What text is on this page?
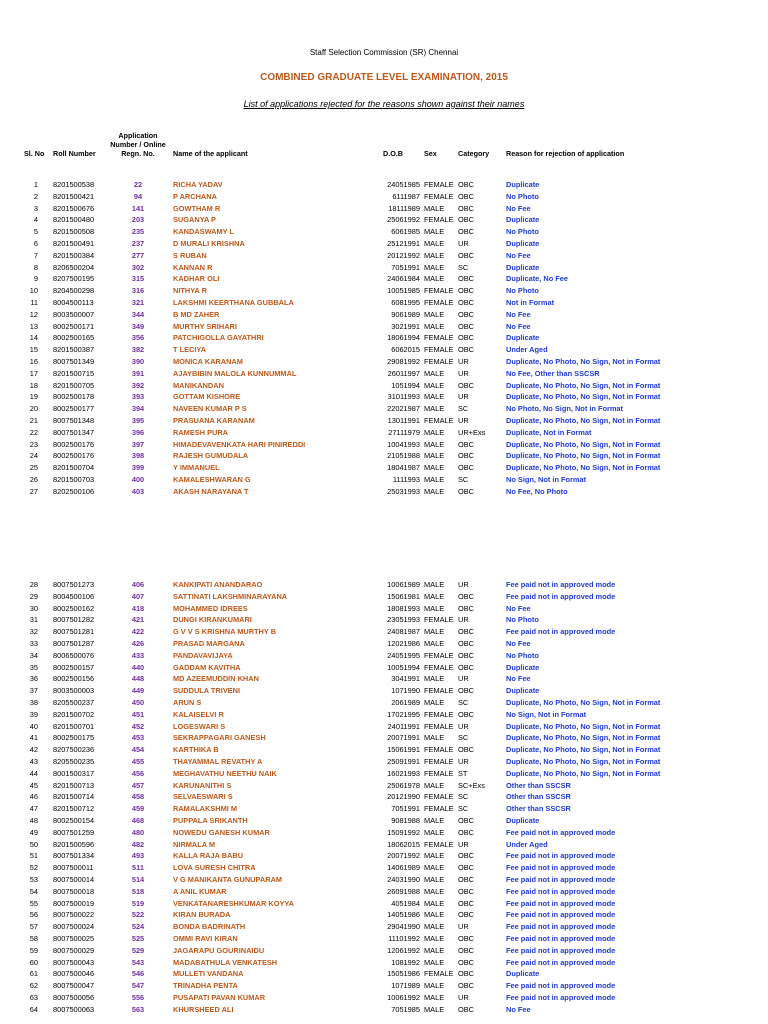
Staff Selection Commission (SR) Chennai
COMBINED GRADUATE LEVEL EXAMINATION, 2015
List of applications rejected for the reasons shown against their names
Sl. No Roll Number
Application Number / Online Regn. No.	Name of the applicant	D.O.B	Sex	Category Reason for rejection of application
1 8201500538	22	RICHA YADAV	24051985 FEMALE OBC	Duplicate
2 8201500421	94	P ARCHANA	6111987 FEMALE OBC	No Photo
3 8201500676	141	GOWTHAM R	18111989 MALE OBC	No Fee
4 8201500480	203	SUGANYA P	25061992 FEMALE OBC	Duplicate
5 8201500508	235	KANDASWAMY L	6061985 MALE OBC	No Photo
6 8201500491	237	D MURALI KRISHNA	25121991 MALE UR	Duplicate
7 8201500384	277	S RUBAN	20121992 MALE OBC	No Fee
8 8206500204	302	KANNAN R	7051991 MALE SC	Duplicate
9 8207500195	315	KADHAR OLI	24061984 MALE OBC	Duplicate, No Fee
10 8204500298	316	NITHYA R	10051985 FEMALE OBC	No Photo
11 8004500113	321	LAKSHMI KEERTHANA GUBBALA	6081995 FEMALE OBC	Not in Format
12 8003500007	344	B MD ZAHER	9061989 MALE OBC	No Fee
13 8002500171	349	MURTHY SRIHARI	3021991 MALE OBC	No Fee
14 8002500165	356	PATCHIGOLLA GAYATHRI	18061994 FEMALE OBC	Duplicate
15 8201500387	382	T LECIYA	6062015 FEMALE OBC	Under Aged
16 8007501349	390	MONICA KARANAM	29081992 FEMALE UR	Duplicate, No Photo, No Sign, Not in Format
17 8201500715	391	AJAYBIBIN MALOLA KUNNUMMAL	26011997 MALE UR	No Fee, Other than SSCSR
18 8201500705	392	MANIKANDAN	1051994 MALE OBC	Duplicate, No Photo, No Sign, Not in Format
19 8002500178	393	GOTTAM KISHORE	31011993 MALE UR	Duplicate, No Photo, No Sign, Not in Format
20 8002500177	394	NAVEEN KUMAR P S	22021987 MALE SC	No Photo, No Sign, Not in Format
21 8007501348	395	PRASUANA KARANAM	13011991 FEMALE UR	Duplicate, No Photo, No Sign, Not in Format
22 8007501347	396	RAMESH PURA	27111979 MALE UR+Exs	Duplicate, Not in Format
23 8002500176	397	HIMADEVAVENKATA HARI PINIREDDI	10041993 MALE OBC	Duplicate, No Photo, No Sign, Not in Format
24 8002500176	398	RAJESH GUMUDALA	21051988 MALE OBC	Duplicate, No Photo, No Sign, Not in Format
25 8201500704	399	Y IMMANUEL	18041987 MALE OBC	Duplicate, No Photo, No Sign, Not in Format
26 8201500703	400	KAMALESHWARAN G	1111993 MALE SC	No Sign, Not in Format
27 8202500106	403	AKASH NARAYANA T	25031993 MALE OBC	No Fee, No Photo
28 8007501273	406	KANKIPATI ANANDARAO	10061989 MALE UR	Fee paid not in approved mode
29 8004500106	407	SATTINATI LAKSHMINARAYANA	15061981 MALE OBC	Fee paid not in approved mode
30 8002500162	418	MOHAMMED IDREES	18081993 MALE OBC	No Fee
31 8007501282	421	DUNGI KIRANKUMARI	23051993 FEMALE UR	No Photo
32 8007501281	422	G V V S KRISHNA MURTHY B	24081987 MALE OBC	Fee paid not in approved mode
33 8007501287	426	PRASAD MARGANA	12021986 MALE OBC	No Fee
34 8006500076	433	PANDAVAVIJAYA	24051995 FEMALE OBC	No Photo
35 8002500157	440	GADDAM KAVITHA	10051994 FEMALE OBC	Duplicate
36 8002500156	448	MD AZEEMUDDIN KHAN	3041991 MALE UR	No Fee
37 8003500003	449	SUDDULA TRIVENI	1071990 FEMALE OBC	Duplicate
38 8205500237	450	ARUN S	2061989 MALE SC	Duplicate, No Photo, No Sign, Not in Format
39 8201500702	451	KALAISELVI R	17021995 FEMALE OBC	No Sign, Not in Format
40 8201500701	452	LOGESWARI S	24011991 FEMALE UR	Duplicate, No Photo, No Sign, Not in Format
41 8002500175	453	SEKRAPPAGARI GANESH	20071991 MALE SC	Duplicate, No Photo, No Sign, Not in Format
42 8207500236	454	KARTHIKA B	15061991 FEMALE OBC	Duplicate, No Photo, No Sign, Not in Format
43 8205500235	455	THAYAMMAL REVATHY A	25091991 FEMALE UR	Duplicate, No Photo, No Sign, Not in Format
44 8001500317	456	MEGHAVATHU NEETHU NAIK	16021993 FEMALE ST	Duplicate, No Photo, No Sign, Not in Format
45 8201500713	457	KARUNANITHI S	25061978 MALE SC+Exs	Other than SSCSR
46 8201500714	458	SELVAESWARI S	20121990 FEMALE SC	Other than SSCSR
47 8201500712	459	RAMALAKSHMI M	7051991 FEMALE SC	Other than SSCSR
48 8002500154	468	PUPPALA SRIKANTH	9081988 MALE OBC	Duplicate
49 8007501259	480	NOWEDU GANESH KUMAR	15091992 MALE OBC	Fee paid not in approved mode
50 8201500596	482	NIRMALA M	18062015 FEMALE UR	Under Aged
51 8007501334	493	KALLA RAJA BABU	20071992 MALE OBC	Fee paid not in approved mode
52 8007500011	511	LOVA SURESH CHITRA	14061989 MALE OBC	Fee paid not in approved mode
53 8007500014	514	V G MANIKANTA GUNUPARAM	24031990 MALE OBC	Fee paid not in approved mode
54 8007500018	518	A ANIL KUMAR	26091988 MALE OBC	Fee paid not in approved mode
55 8007500019	519	VENKATANARESHKUMAR KOYYA	4051984 MALE OBC	Fee paid not in approved mode
56 8007500022	522	KIRAN BURADA	14051986 MALE OBC	Fee paid not in approved mode
57 8007500024	524	BONDA BADRINATH	29041990 MALE UR	Fee paid not in approved mode
58 8007500025	525	OMMI RAVI KIRAN	11101992 MALE OBC	Fee paid not in approved mode
59 8007500029	529	JAGARAPU GOURINAIDU	12061992 MALE OBC	Fee paid not in approved mode
60 8007500043	543	MADABATHULA VENKATESH	1081992 MALE OBC	Fee paid not in approved mode
61 8007500046	546	MULLETI VANDANA	15051986 FEMALE OBC	Duplicate
62 8007500047	547	TRINADHA PENTA	1071989 MALE OBC	Fee paid not in approved mode
63 8007500056	556	PUSAPATI PAVAN KUMAR	10061992 MALE UR	Fee paid not in approved mode
64 8007500063	563	KHURSHEED ALI	7051985 MALE OBC	No Fee
